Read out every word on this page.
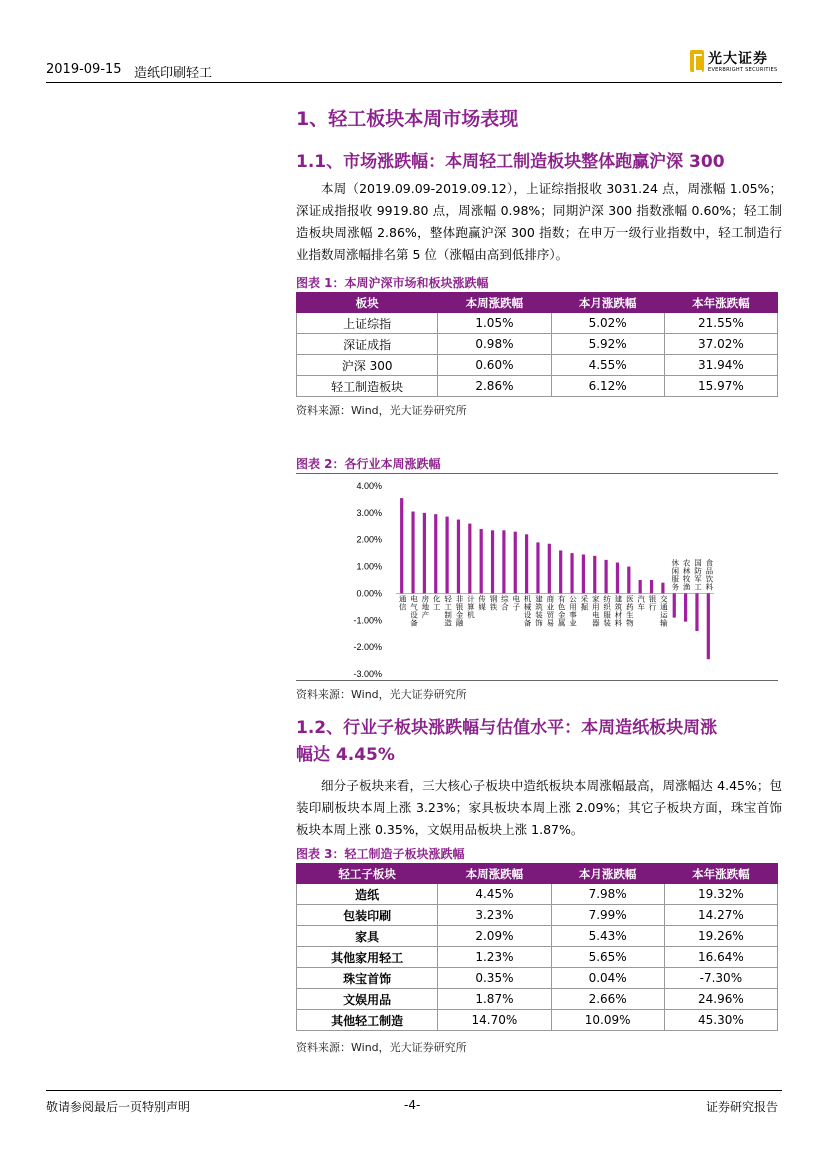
2019-09-15 造纸印刷轻工
光大证券
EVERBRIGHT SECURITIES
1、轻工板块本周市场表现
1.1、市场涨跌幅：本周轻工制造板块整体跑赢沪深 300

本周（2019.09.09-2019.09.12），上证综指报收 3031.24 点，周涨幅 1.05%；深证成指报收 9919.80 点，周涨幅 0.98%；同期沪深 300 指数涨幅 0.60%；轻工制造板块周涨幅 2.86%，整体跑赢沪深 300 指数；在申万一级行业指数中，轻工制造行业指数周涨幅排名第 5 位（涨幅由高到低排序）。

图表 1：本周沪深市场和板块涨跌幅
板块	本周涨跌幅	本月涨跌幅	本年涨跌幅
上证综指	1.05%	5.02%	21.55%
深证成指	0.98%	5.92%	37.02%
沪深 300	0.60%	4.55%	31.94%
轻工制造板块	2.86%	6.12%	15.97%
资料来源：Wind，光大证券研究所
图表 2：各行业本周涨跌幅
4.00%
3.00%
2.00%
1.00%
0.00%
-1.00%
-2.00%
-3.00%
通信
电气设备
房地产
化工
轻工制造
非银金融
计算机
传媒
钢铁
综合
电子
机械设备
建筑装饰
商业贸易
有色金属
公用事业
采掘
家用电器
纺织服装
建筑材料
医药生物
汽车
银行
交通运输
休闲服务
农林牧渔
国防军工
食品饮料
资料来源：Wind，光大证券研究所
1.2、行业子板块涨跌幅与估值水平：本周造纸板块周涨
幅达 4.45%

细分子板块来看，三大核心子板块中造纸板块本周涨幅最高，周涨幅达 4.45%；包装印刷板块本周上涨 3.23%；家具板块本周上涨 2.09%；其它子板块方面，珠宝首饰板块本周上涨 0.35%，文娱用品板块上涨 1.87%。

图表 3：轻工制造子板块涨跌幅
轻工子板块	本周涨跌幅	本月涨跌幅	本年涨跌幅
造纸	4.45%	7.98%	19.32%
包装印刷	3.23%	7.99%	14.27%
家具	2.09%	5.43%	19.26%
其他家用轻工	1.23%	5.65%	16.64%
珠宝首饰	0.35%	0.04%	-7.30%
文娱用品	1.87%	2.66%	24.96%
其他轻工制造	14.70%	10.09%	45.30%
资料来源：Wind，光大证券研究所
敬请参阅最后一页特别声明	-4-	证券研究报告
